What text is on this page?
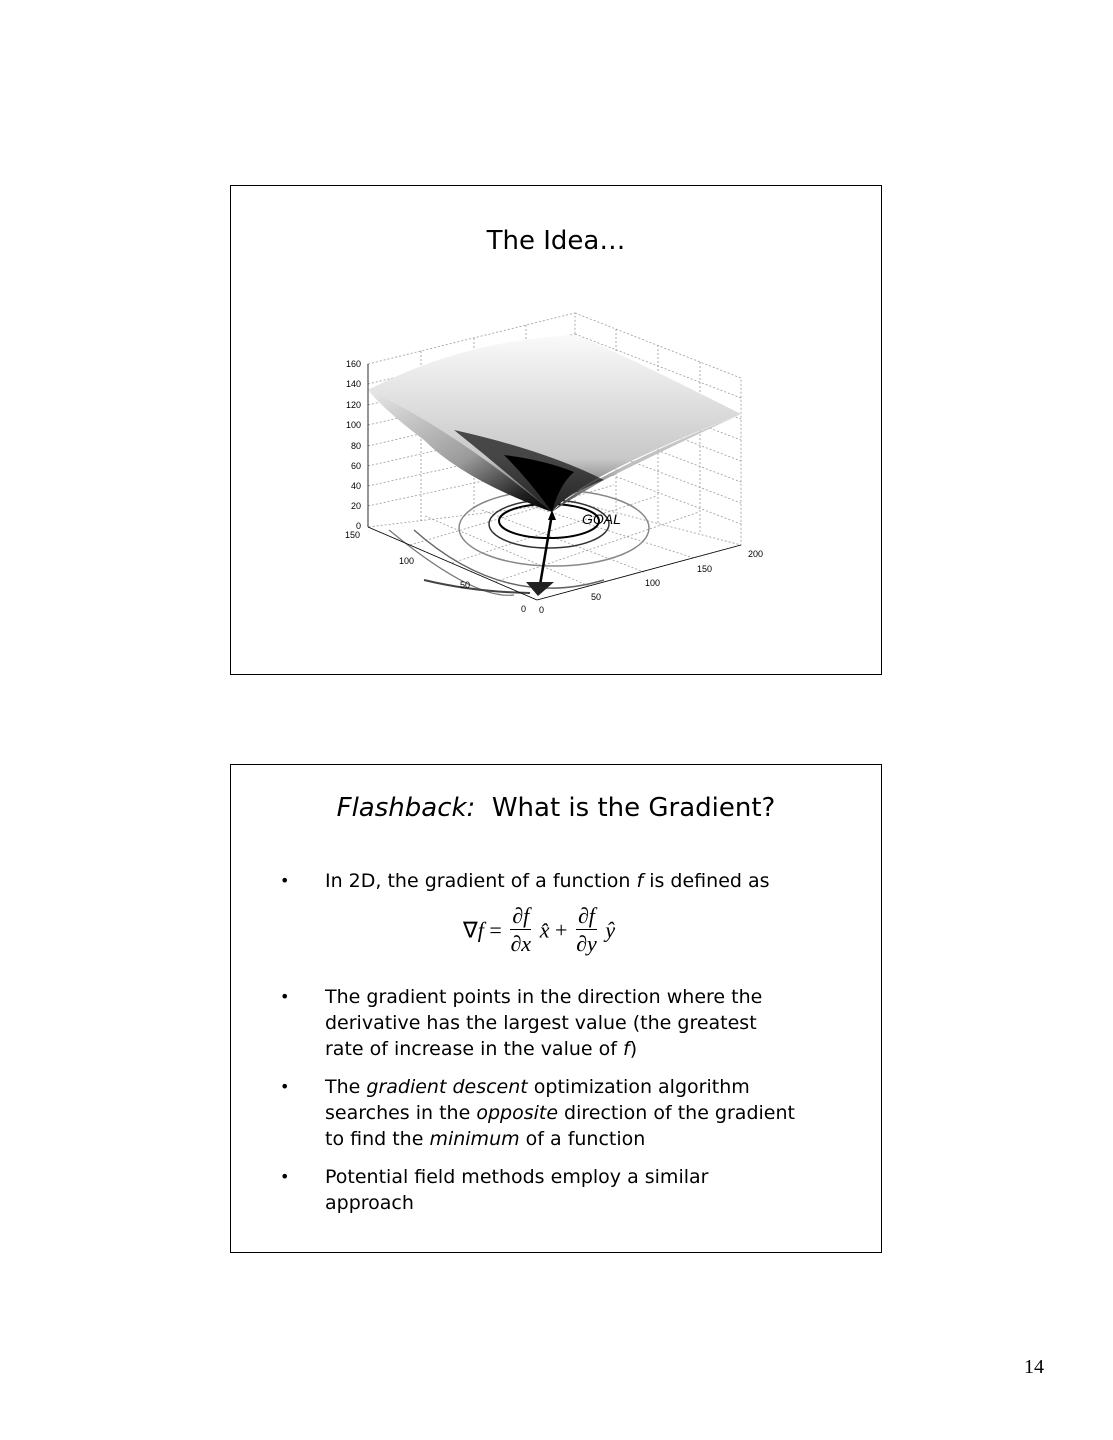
The Idea…
160
140
120
100
80
60
40
20
0
150
100
50
0 0
50
100
150
200
GOAL
Flashback: What is the Gradient?
• In 2D, the gradient of a function f is defined as
• The gradient points in the direction where the
derivative has the largest value (the greatest
rate of increase in the value of f)
• The gradient descent optimization algorithm
searches in the opposite direction of the gradient
to find the minimum of a function
• Potential field methods employ a similar
approach
$\nabla f = \frac{\partial f}{\partial x}$ x̂ + $\frac{\partial f}{\partial y}$ ŷ
14
